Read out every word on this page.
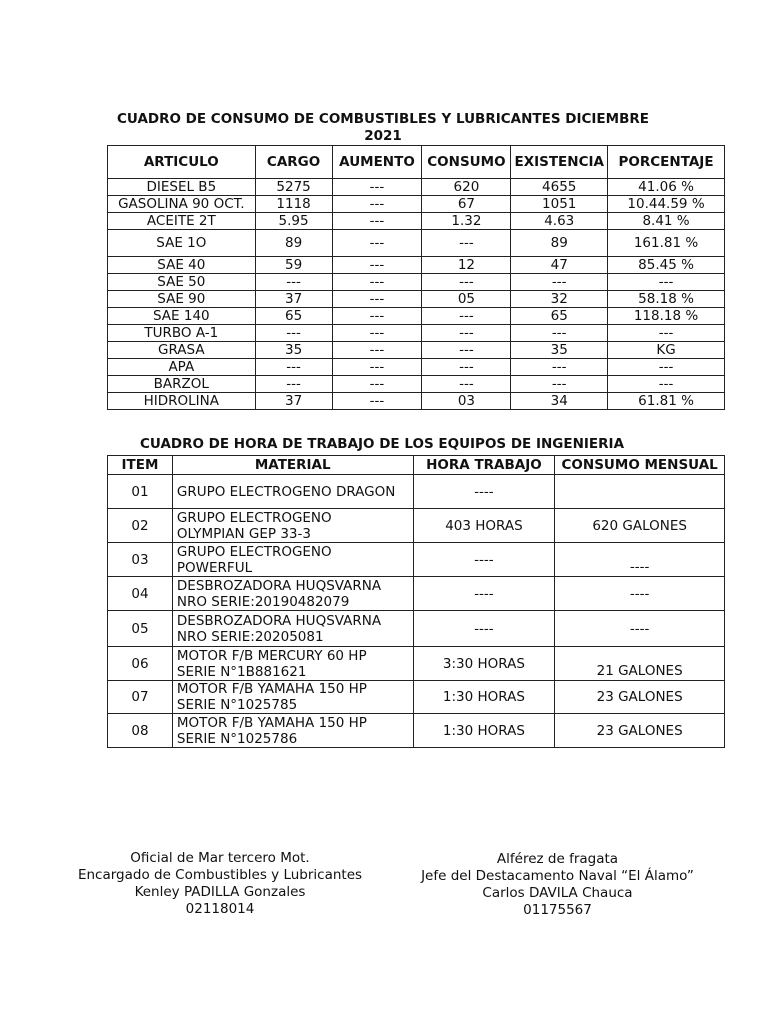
CUADRO DE CONSUMO DE COMBUSTIBLES Y LUBRICANTES DICIEMBRE 2021
ARTICULO	CARGO	AUMENTO	CONSUMO	EXISTENCIA	PORCENTAJE
DIESEL B5	5275	---	620	4655	41.06 %
GASOLINA 90 OCT.	1118	---	67	1051	10.44.59 %
ACEITE 2T	5.95	---	1.32	4.63	8.41 %
SAE 1O	89	---	---	89	161.81 %
SAE 40	59	---	12	47	85.45 %
SAE 50	---	---	---	---	---
SAE 90	37	---	05	32	58.18 %
SAE 140	65	---	---	65	118.18 %
TURBO A-1	---	---	---	---	---
GRASA	35	---	---	35	KG
APA	---	---	---	---	---
BARZOL	---	---	---	---	---
HIDROLINA	37	---	03	34	61.81 %
CUADRO DE HORA DE TRABAJO DE LOS EQUIPOS DE INGENIERIA
ITEM	MATERIAL	HORA TRABAJO	CONSUMO MENSUAL
01	GRUPO ELECTROGENO DRAGON	----	
02	GRUPO ELECTROGENO
OLYMPIAN GEP 33-3	403 HORAS	620 GALONES
03	GRUPO ELECTROGENO
POWERFUL	----	----
04	DESBROZADORA HUQSVARNA
NRO SERIE:20190482079	----	----
05	DESBROZADORA HUQSVARNA
NRO SERIE:20205081	----	----
06	MOTOR F/B MERCURY 60 HP
SERIE N°1B881621	3:30 HORAS	21 GALONES
07	MOTOR F/B YAMAHA 150 HP
SERIE N°1025785	1:30 HORAS	23 GALONES
08	MOTOR F/B YAMAHA 150 HP
SERIE N°1025786	1:30 HORAS	23 GALONES
Oficial de Mar tercero Mot.
Encargado de Combustibles y Lubricantes
Kenley PADILLA Gonzales
02118014
Alférez de fragata
Jefe del Destacamento Naval “El Álamo”
Carlos DAVILA Chauca
01175567
